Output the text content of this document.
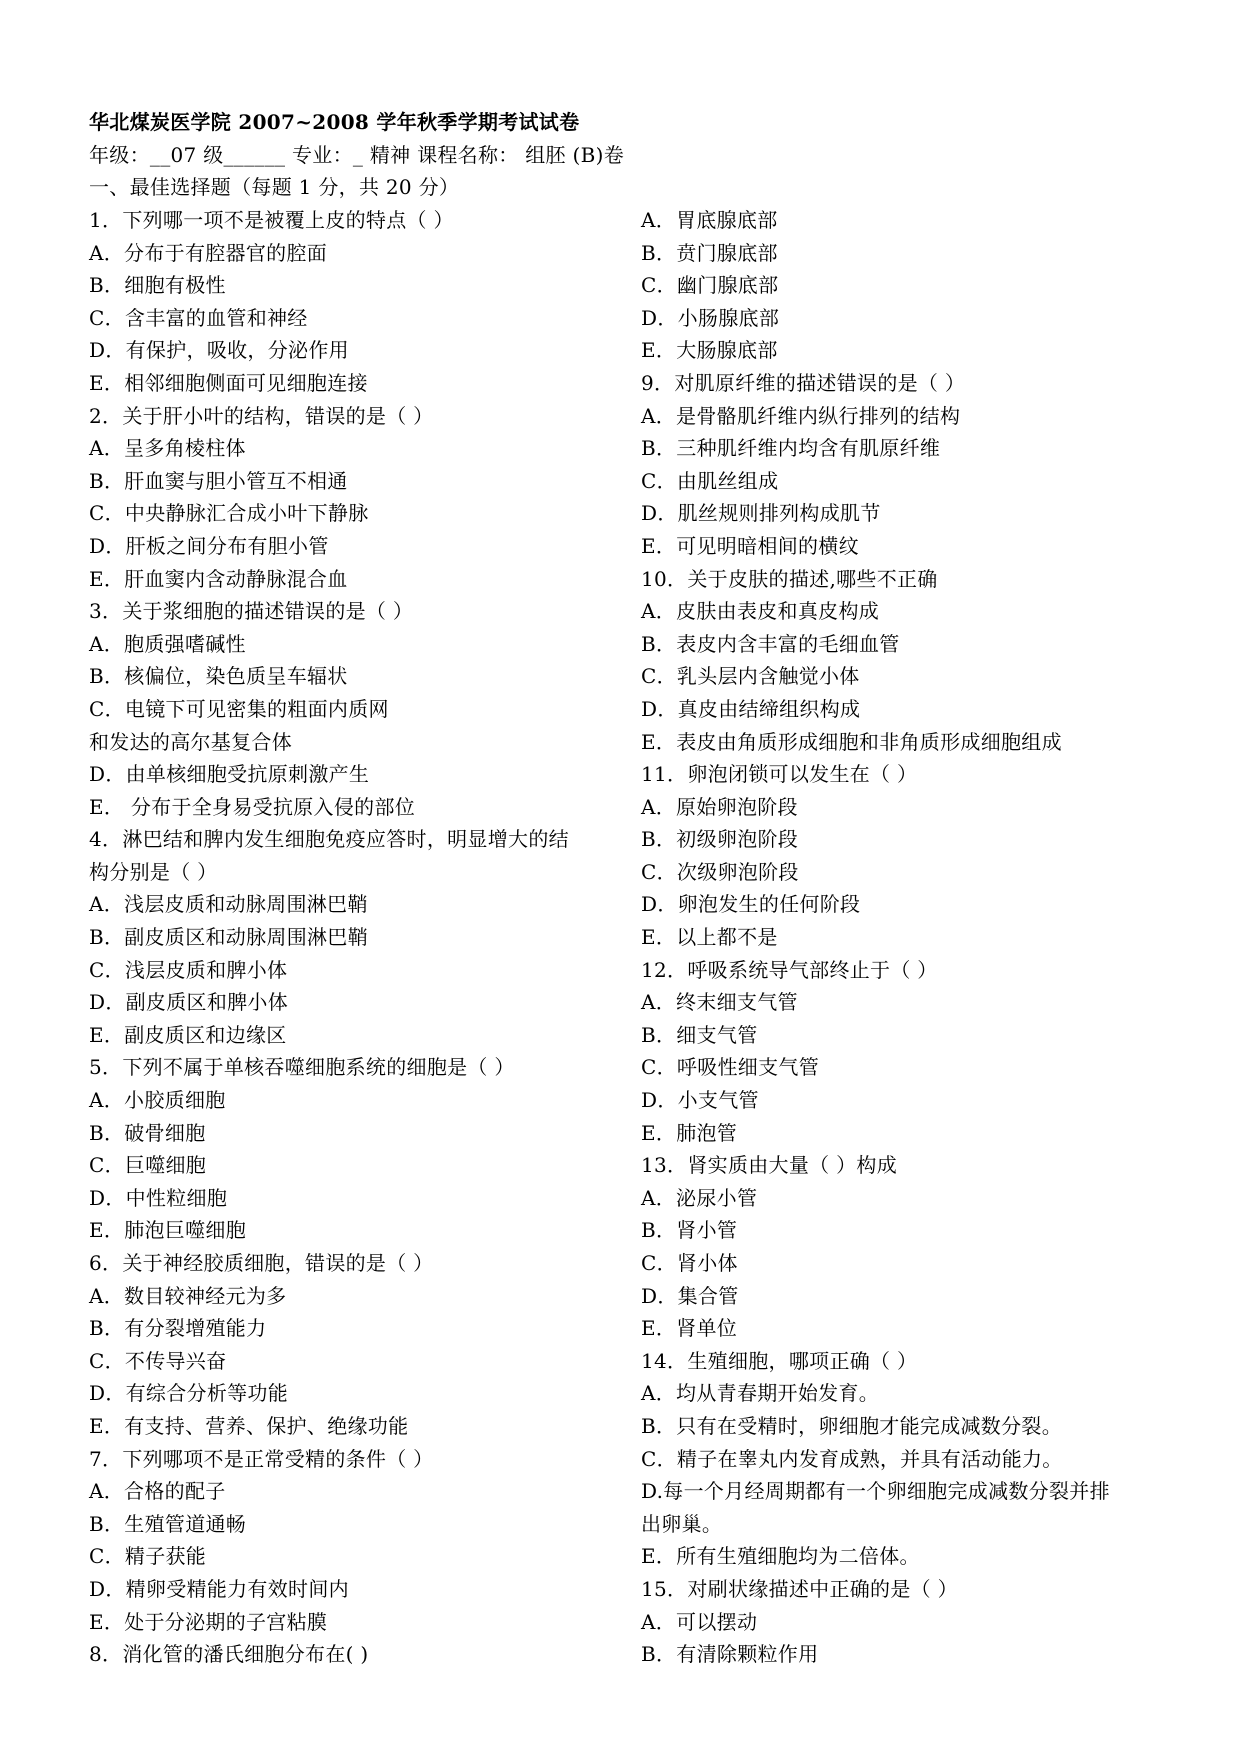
华北煤炭医学院 2007~2008 学年秋季学期考试试卷
年级：__07 级______ 专业：_ 精神 课程名称： 组胚 (B)卷
一、最佳选择题（每题 1 分，共 20 分）
1．下列哪一项不是被覆上皮的特点（ ）
A．分布于有腔器官的腔面
B．细胞有极性
C．含丰富的血管和神经
D．有保护，吸收，分泌作用
E．相邻细胞侧面可见细胞连接
2．关于肝小叶的结构，错误的是（ ）
A．呈多角棱柱体
B．肝血窦与胆小管互不相通
C．中央静脉汇合成小叶下静脉
D．肝板之间分布有胆小管
E．肝血窦内含动静脉混合血
3．关于浆细胞的描述错误的是（ ）
A．胞质强嗜碱性
B．核偏位，染色质呈车辐状
C．电镜下可见密集的粗面内质网
和发达的高尔基复合体
D．由单核细胞受抗原刺激产生
E． 分布于全身易受抗原入侵的部位
4．淋巴结和脾内发生细胞免疫应答时，明显增大的结
构分别是（ ）
A．浅层皮质和动脉周围淋巴鞘
B．副皮质区和动脉周围淋巴鞘
C．浅层皮质和脾小体
D．副皮质区和脾小体
E．副皮质区和边缘区
5．下列不属于单核吞噬细胞系统的细胞是（ ）
A．小胶质细胞
B．破骨细胞
C．巨噬细胞
D．中性粒细胞
E．肺泡巨噬细胞
6．关于神经胶质细胞，错误的是（ ）
A．数目较神经元为多
B．有分裂增殖能力
C．不传导兴奋
D．有综合分析等功能
E．有支持、营养、保护、绝缘功能
7．下列哪项不是正常受精的条件（ ）
A．合格的配子
B．生殖管道通畅
C．精子获能
D．精卵受精能力有效时间内
E．处于分泌期的子宫粘膜
8．消化管的潘氏细胞分布在( )
A．胃底腺底部
B．贲门腺底部
C．幽门腺底部
D．小肠腺底部
E．大肠腺底部
9．对肌原纤维的描述错误的是（ ）
A．是骨骼肌纤维内纵行排列的结构
B．三种肌纤维内均含有肌原纤维
C．由肌丝组成
D．肌丝规则排列构成肌节
E．可见明暗相间的横纹
10．关于皮肤的描述,哪些不正确
A．皮肤由表皮和真皮构成
B．表皮内含丰富的毛细血管
C．乳头层内含触觉小体
D．真皮由结缔组织构成
E．表皮由角质形成细胞和非角质形成细胞组成
11．卵泡闭锁可以发生在（ ）
A．原始卵泡阶段
B．初级卵泡阶段
C．次级卵泡阶段
D．卵泡发生的任何阶段
E．以上都不是
12．呼吸系统导气部终止于（ ）
A．终末细支气管
B．细支气管
C．呼吸性细支气管
D．小支气管
E．肺泡管
13．肾实质由大量（ ）构成
A．泌尿小管
B．肾小管
C．肾小体
D．集合管
E．肾单位
14．生殖细胞，哪项正确（ ）
A．均从青春期开始发育。
B．只有在受精时，卵细胞才能完成减数分裂。
C．精子在睾丸内发育成熟，并具有活动能力。
D.每一个月经周期都有一个卵细胞完成减数分裂并排
出卵巢。
E．所有生殖细胞均为二倍体。
15．对刷状缘描述中正确的是（ ）
A．可以摆动
B．有清除颗粒作用
